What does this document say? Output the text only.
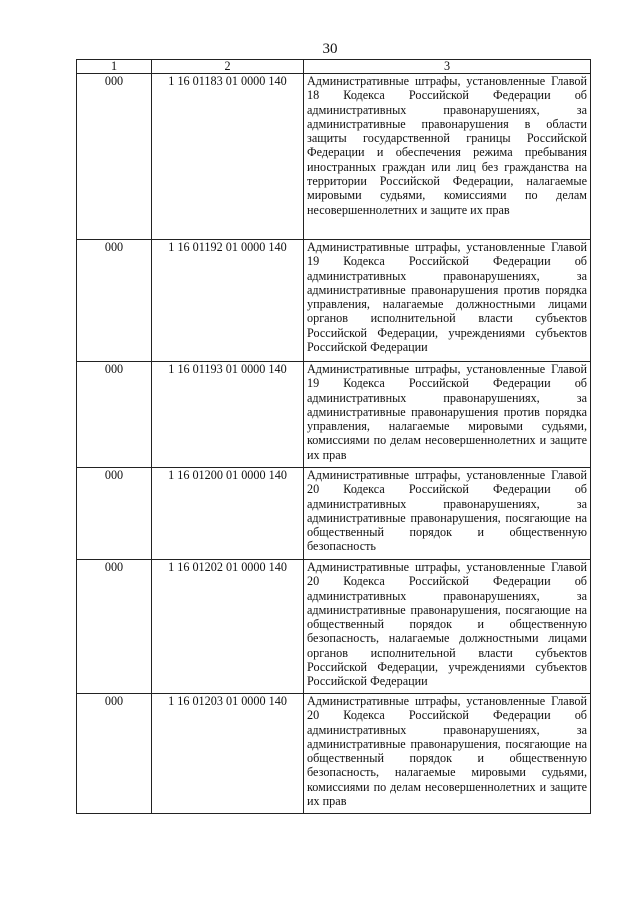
30
1	2	3
000	1 16 01183 01 0000 140	Административные штрафы, установленные Главой 18 Кодекса Российской Федерации об административных правонарушениях, за административные правонарушения в области защиты государственной границы Российской Федерации и обеспечения режима пребывания иностранных граждан или лиц без гражданства на территории Российской Федерации, налагаемые мировыми судьями, комиссиями по делам несовершеннолетних и защите их прав
000	1 16 01192 01 0000 140	Административные штрафы, установленные Главой 19 Кодекса Российской Федерации об административных правонарушениях, за административные правонарушения против порядка управления, налагаемые должностными лицами органов исполнительной власти субъектов Российской Федерации, учреждениями субъектов Российской Федерации
000	1 16 01193 01 0000 140	Административные штрафы, установленные Главой 19 Кодекса Российской Федерации об административных правонарушениях, за административные правонарушения против порядка управления, налагаемые мировыми судьями, комиссиями по делам несовершеннолетних и защите их прав
000	1 16 01200 01 0000 140	Административные штрафы, установленные Главой 20 Кодекса Российской Федерации об административных правонарушениях, за административные правонарушения, посягающие на общественный порядок и общественную безопасность
000	1 16 01202 01 0000 140	Административные штрафы, установленные Главой 20 Кодекса Российской Федерации об административных правонарушениях, за административные правонарушения, посягающие на общественный порядок и общественную безопасность, налагаемые должностными лицами органов исполнительной власти субъектов Российской Федерации, учреждениями субъектов Российской Федерации
000	1 16 01203 01 0000 140	Административные штрафы, установленные Главой 20 Кодекса Российской Федерации об административных правонарушениях, за административные правонарушения, посягающие на общественный порядок и общественную безопасность, налагаемые мировыми судьями, комиссиями по делам несовершеннолетних и защите их прав
